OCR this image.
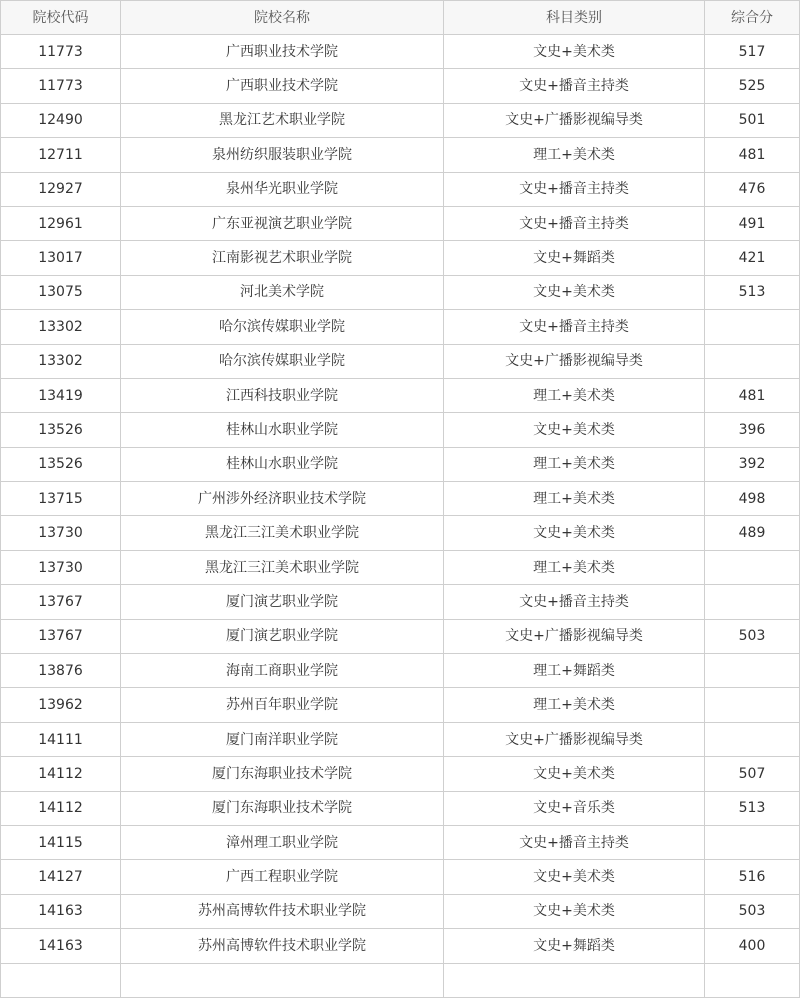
院校代码	院校名称	科目类别	综合分
11773	广西职业技术学院	文史+美术类	517
11773	广西职业技术学院	文史+播音主持类	525
12490	黑龙江艺术职业学院	文史+广播影视编导类	501
12711	泉州纺织服装职业学院	理工+美术类	481
12927	泉州华光职业学院	文史+播音主持类	476
12961	广东亚视演艺职业学院	文史+播音主持类	491
13017	江南影视艺术职业学院	文史+舞蹈类	421
13075	河北美术学院	文史+美术类	513
13302	哈尔滨传媒职业学院	文史+播音主持类	
13302	哈尔滨传媒职业学院	文史+广播影视编导类	
13419	江西科技职业学院	理工+美术类	481
13526	桂林山水职业学院	文史+美术类	396
13526	桂林山水职业学院	理工+美术类	392
13715	广州涉外经济职业技术学院	理工+美术类	498
13730	黑龙江三江美术职业学院	文史+美术类	489
13730	黑龙江三江美术职业学院	理工+美术类	
13767	厦门演艺职业学院	文史+播音主持类	
13767	厦门演艺职业学院	文史+广播影视编导类	503
13876	海南工商职业学院	理工+舞蹈类	
13962	苏州百年职业学院	理工+美术类	
14111	厦门南洋职业学院	文史+广播影视编导类	
14112	厦门东海职业技术学院	文史+美术类	507
14112	厦门东海职业技术学院	文史+音乐类	513
14115	漳州理工职业学院	文史+播音主持类	
14127	广西工程职业学院	文史+美术类	516
14163	苏州高博软件技术职业学院	文史+美术类	503
14163	苏州高博软件技术职业学院	文史+舞蹈类	400
